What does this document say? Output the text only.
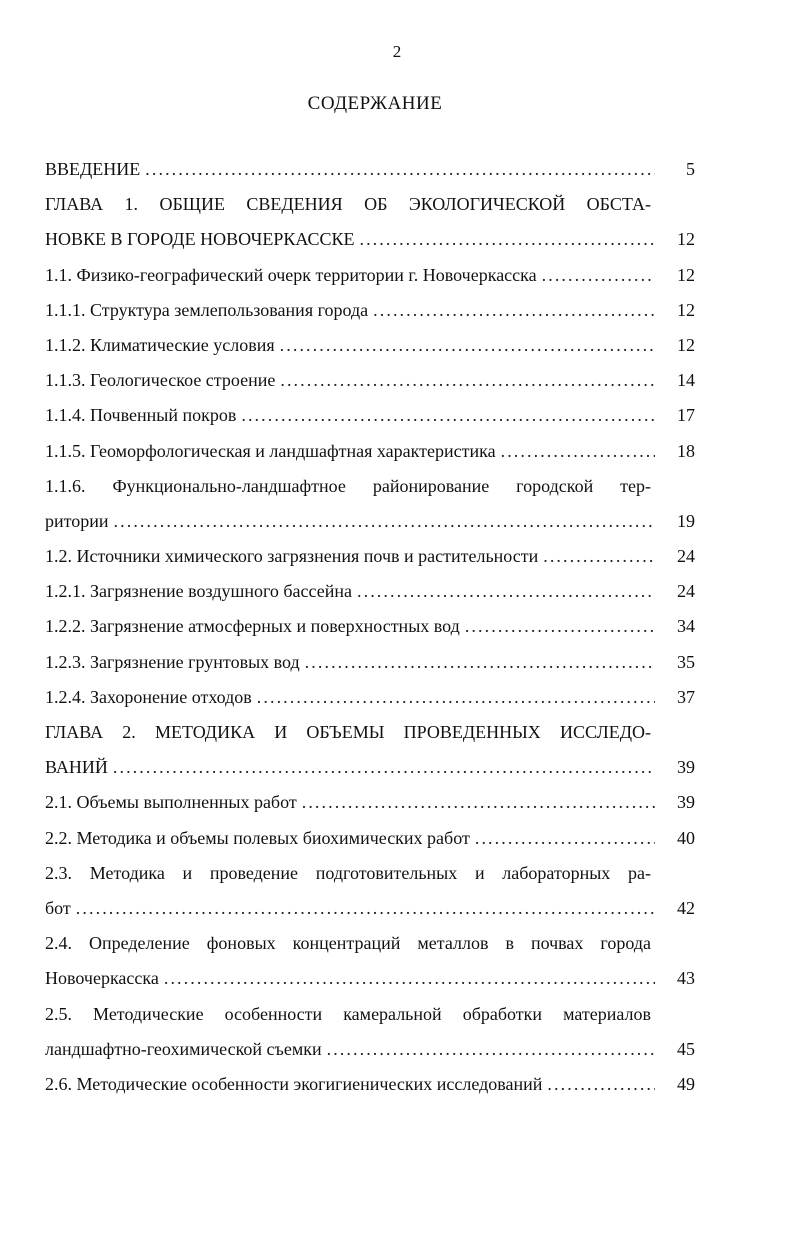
2
СОДЕРЖАНИЕ
ВВЕДЕНИЕ . . .	5
ГЛАВА 1. ОБЩИЕ СВЕДЕНИЯ ОБ ЭКОЛОГИЧЕСКОЙ ОБСТА-
НОВКЕ В ГОРОДЕ НОВОЧЕРКАССКЕ . . .	12
1.1. Физико-географический очерк территории г. Новочеркасска . . .	12
1.1.1. Структура землепользования города . . .	12
1.1.2. Климатические условия . . .	12
1.1.3. Геологическое строение . . .	14
1.1.4. Почвенный покров . . .	17
1.1.5. Геоморфологическая и ландшафтная характеристика . . .	18
1.1.6. Функционально-ландшафтное районирование городской тер-
ритории . . .	19
1.2. Источники химического загрязнения почв и растительности . . .	24
1.2.1. Загрязнение воздушного бассейна . . .	24
1.2.2. Загрязнение атмосферных и поверхностных вод . . .	34
1.2.3. Загрязнение грунтовых вод . . .	35
1.2.4. Захоронение отходов . . .	37
ГЛАВА 2. МЕТОДИКА И ОБЪЕМЫ ПРОВЕДЕННЫХ ИССЛЕДО-
ВАНИЙ . . .	39
2.1. Объемы выполненных работ . . .	39
2.2. Методика и объемы полевых биохимических работ . . .	40
2.3. Методика и проведение подготовительных и лабораторных ра-
бот . . .	42
2.4. Определение фоновых концентраций металлов в почвах города
Новочеркасска . . .	43
2.5. Методические особенности камеральной обработки материалов
ландшафтно-геохимической съемки . . .	45
2.6. Методические особенности экогигиенических исследований . . .	49
